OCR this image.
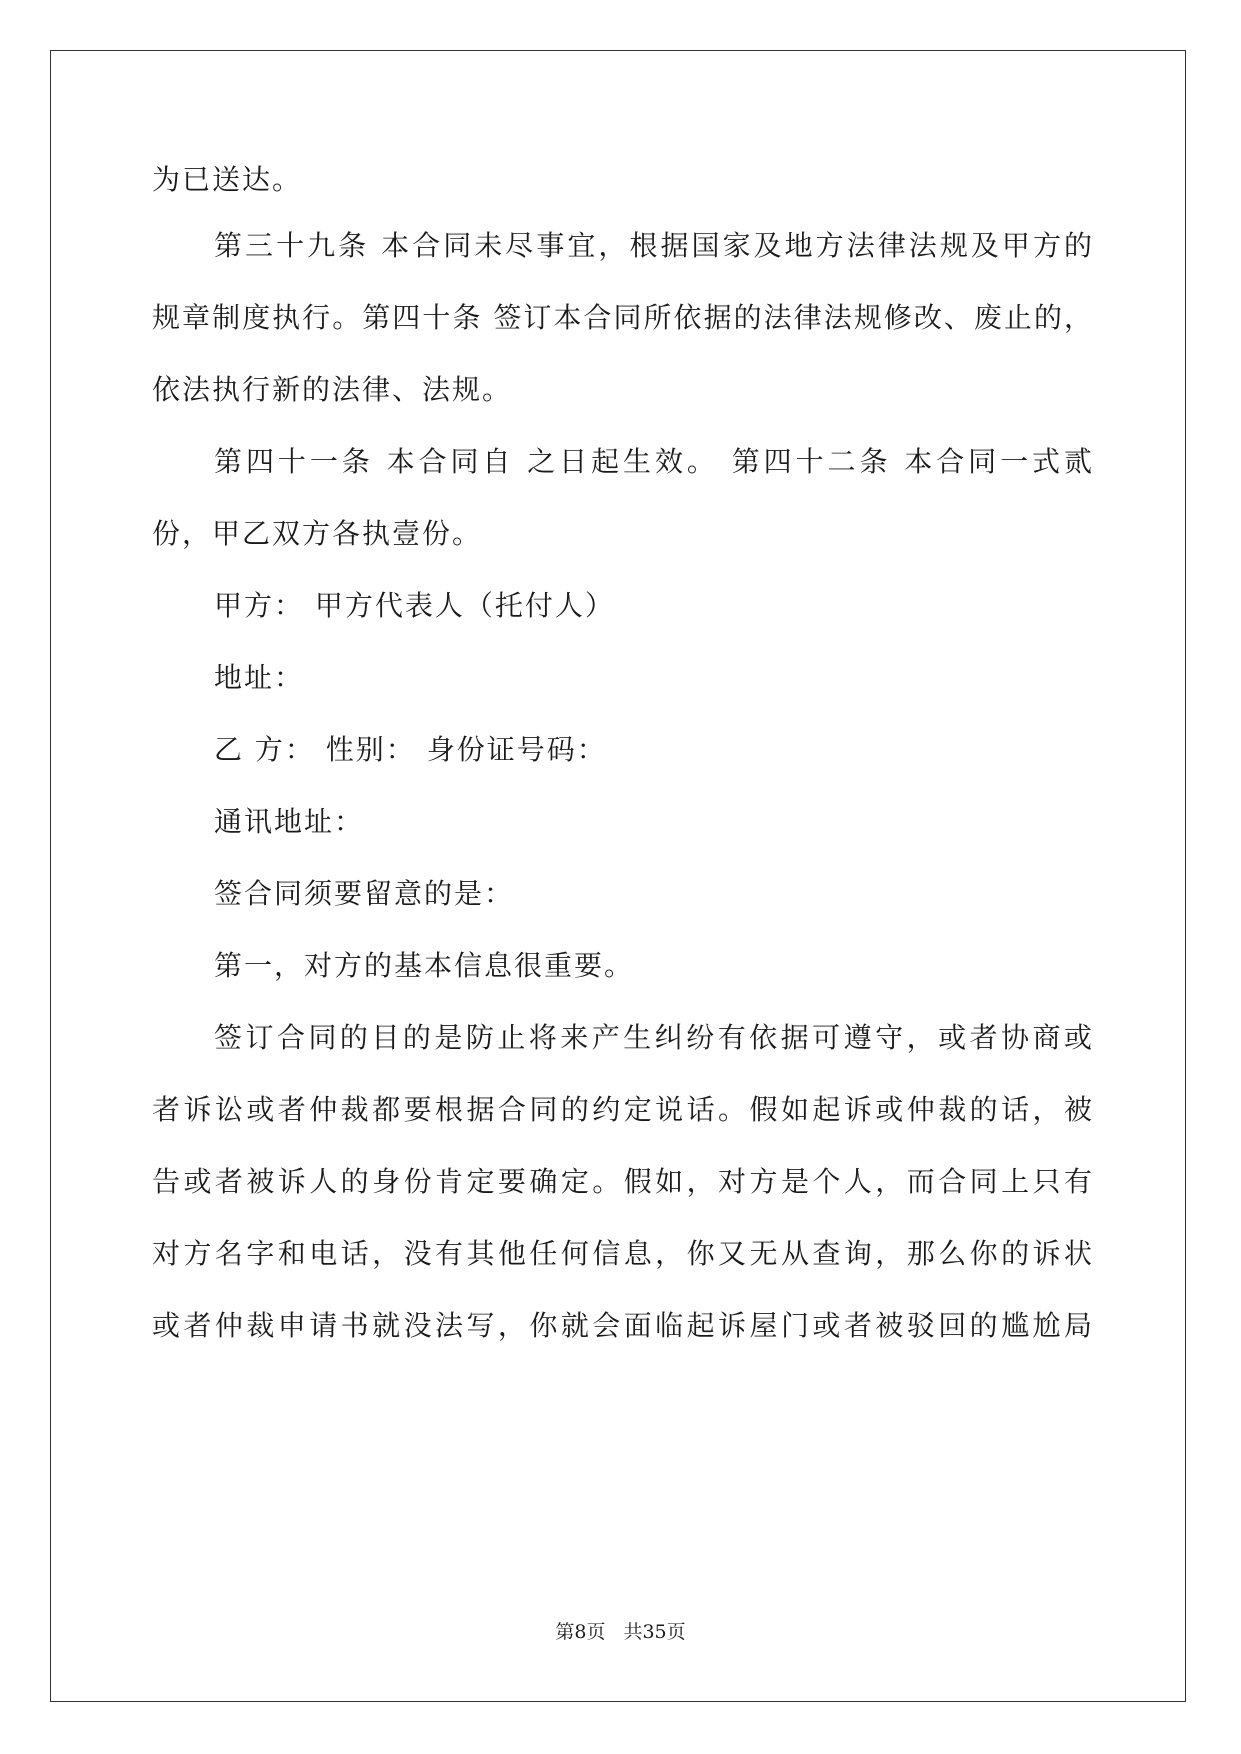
为已送达。
第三十九条 本合同未尽事宜，根据国家及地方法律法规及甲方的
规章制度执行。第四十条 签订本合同所依据的法律法规修改、废止的，
依法执行新的法律、法规。
第四十一条 本合同自 之日起生效。 第四十二条 本合同一式贰
份，甲乙双方各执壹份。
甲方： 甲方代表人（托付人）
地址：
乙 方： 性别： 身份证号码：
通讯地址：
签合同须要留意的是：
第一，对方的基本信息很重要。
签订合同的目的是防止将来产生纠纷有依据可遵守，或者协商或
者诉讼或者仲裁都要根据合同的约定说话。假如起诉或仲裁的话，被
告或者被诉人的身份肯定要确定。假如，对方是个人，而合同上只有
对方名字和电话，没有其他任何信息，你又无从查询，那么你的诉状
或者仲裁申请书就没法写，你就会面临起诉屋门或者被驳回的尴尬局
第8页 共35页
